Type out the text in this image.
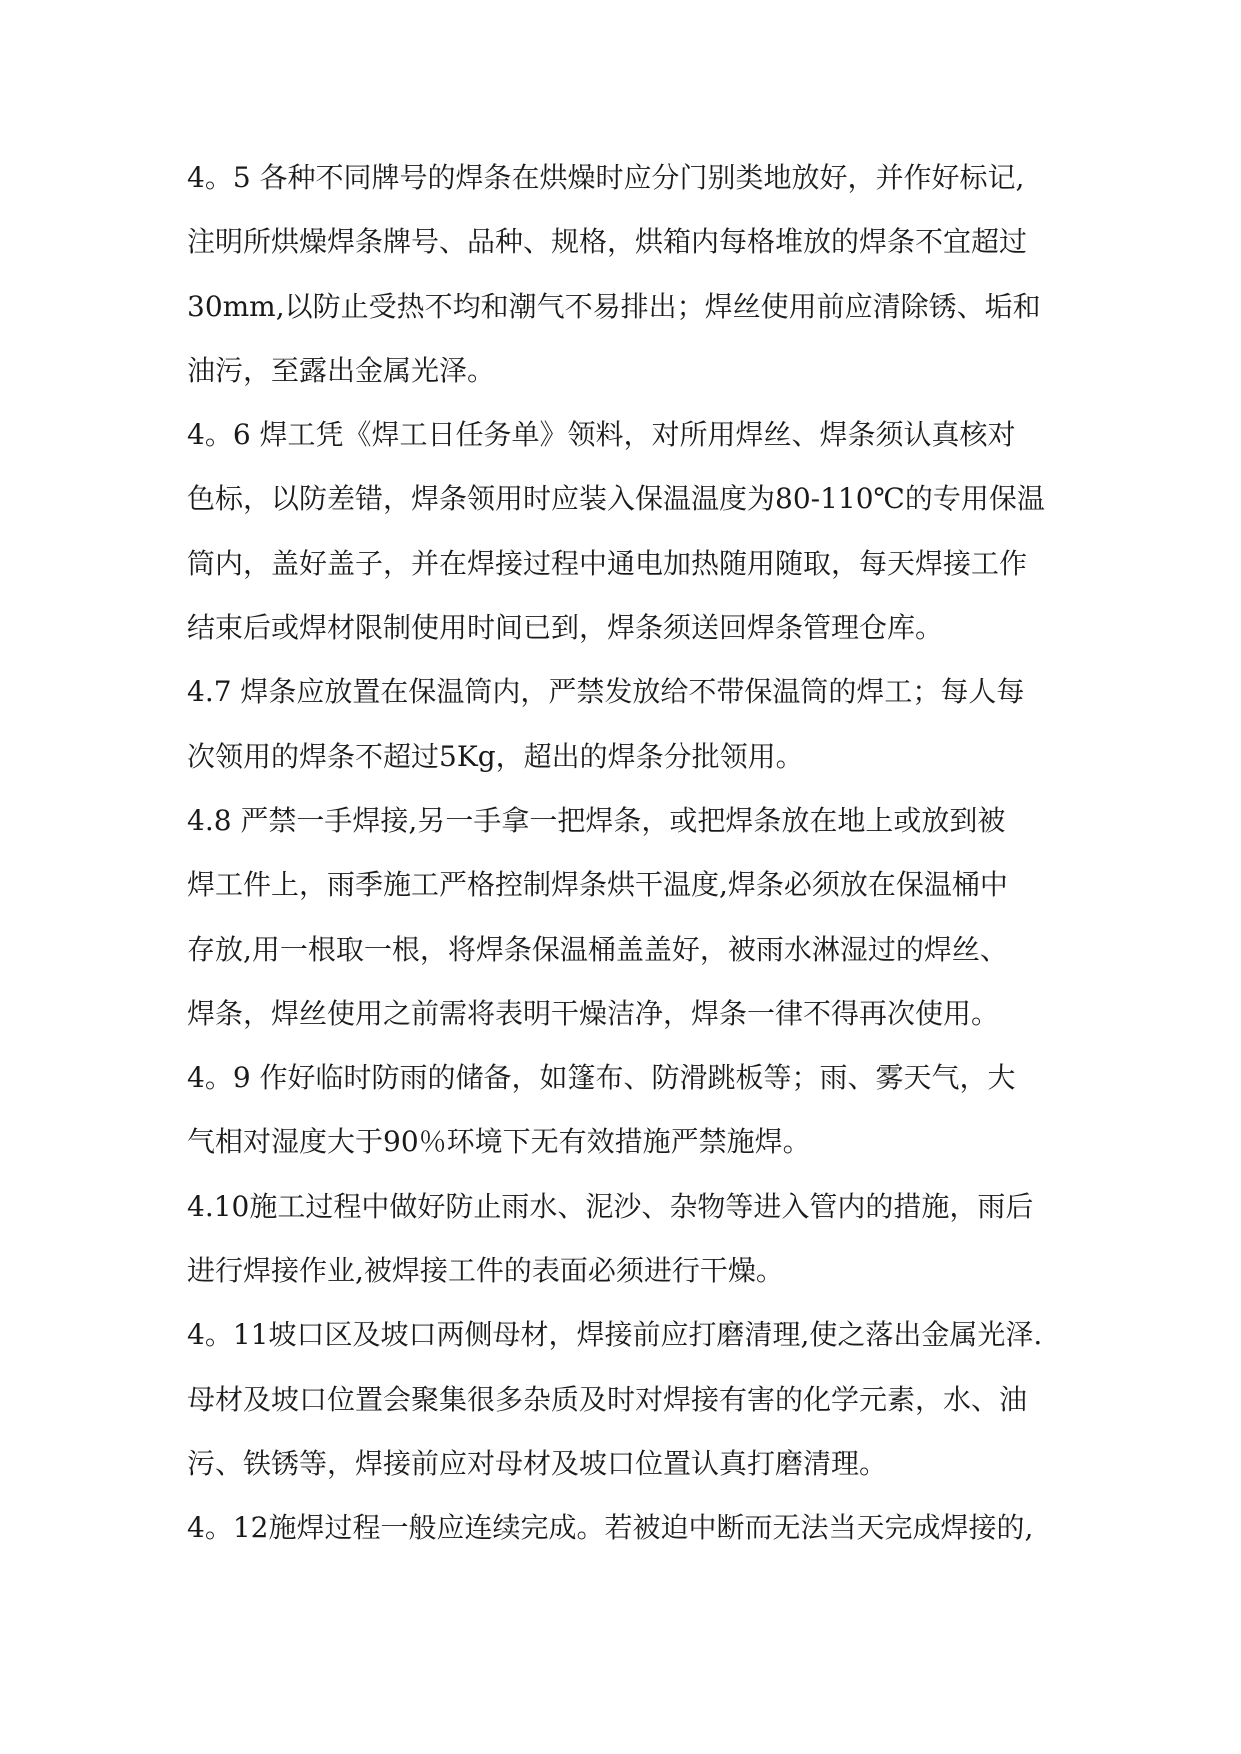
4。5 各种不同牌号的焊条在烘燥时应分门别类地放好，并作好标记,
注明所烘燥焊条牌号、品种、规格，烘箱内每格堆放的焊条不宜超过
30mm,以防止受热不均和潮气不易排出；焊丝使用前应清除锈、垢和
油污，至露出金属光泽。
4。6 焊工凭《焊工日任务单》领料，对所用焊丝、焊条须认真核对
色标，以防差错，焊条领用时应装入保温温度为80-110℃的专用保温
筒内，盖好盖子，并在焊接过程中通电加热随用随取，每天焊接工作
结束后或焊材限制使用时间已到，焊条须送回焊条管理仓库。
4.7 焊条应放置在保温筒内，严禁发放给不带保温筒的焊工；每人每
次领用的焊条不超过5Kg，超出的焊条分批领用。
4.8 严禁一手焊接,另一手拿一把焊条，或把焊条放在地上或放到被
焊工件上，雨季施工严格控制焊条烘干温度,焊条必须放在保温桶中
存放,用一根取一根，将焊条保温桶盖盖好，被雨水淋湿过的焊丝、
焊条，焊丝使用之前需将表明干燥洁净，焊条一律不得再次使用。
4。9 作好临时防雨的储备，如篷布、防滑跳板等；雨、雾天气，大
气相对湿度大于90％环境下无有效措施严禁施焊。
4.10施工过程中做好防止雨水、泥沙、杂物等进入管内的措施，雨后
进行焊接作业,被焊接工件的表面必须进行干燥。
4。11坡口区及坡口两侧母材，焊接前应打磨清理,使之落出金属光泽.
母材及坡口位置会聚集很多杂质及时对焊接有害的化学元素，水、油
污、铁锈等，焊接前应对母材及坡口位置认真打磨清理。
4。12施焊过程一般应连续完成。若被迫中断而无法当天完成焊接的,
